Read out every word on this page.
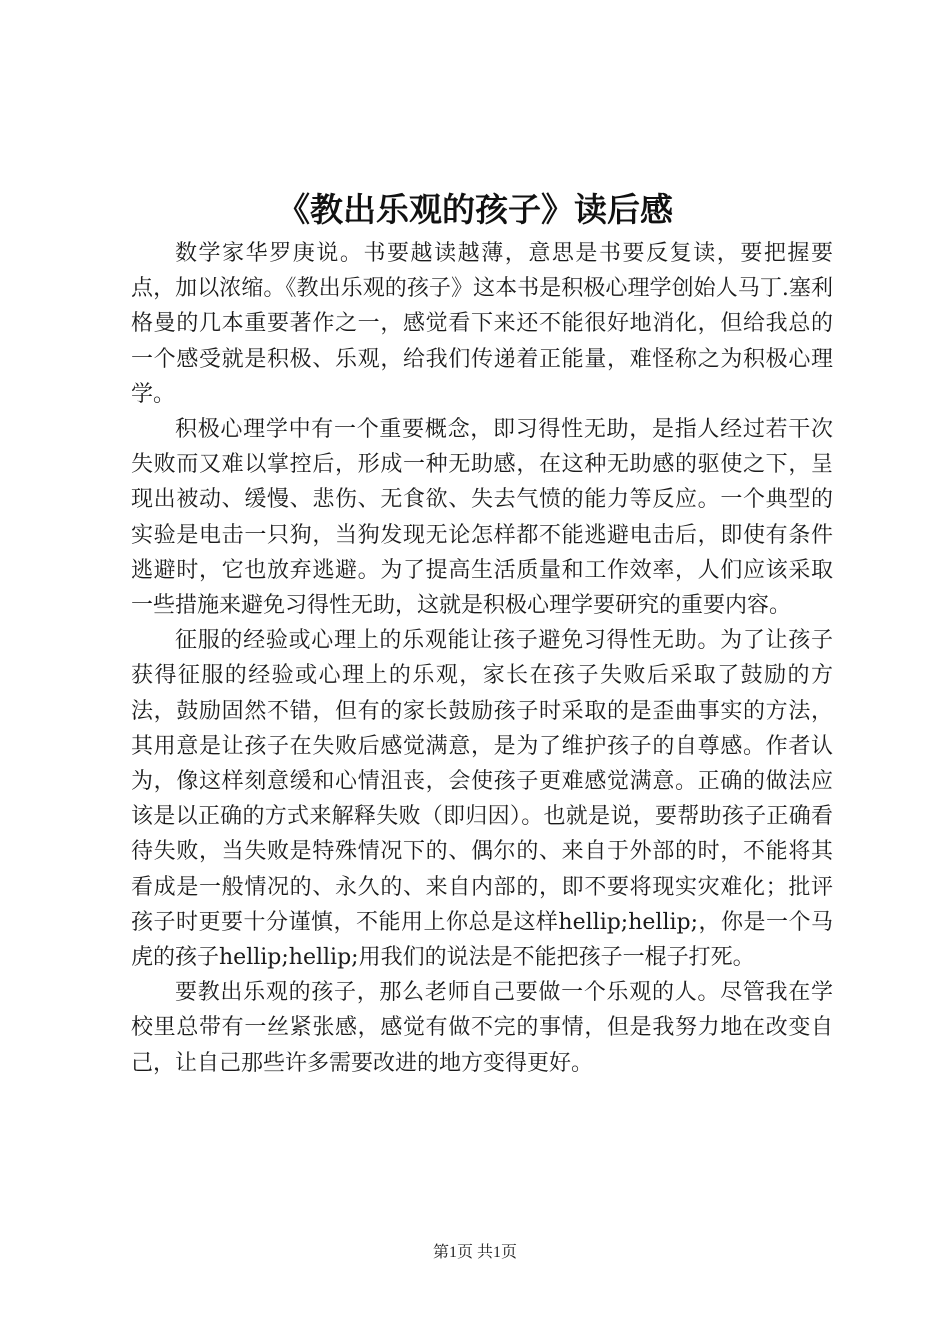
《教出乐观的孩子》读后感

数学家华罗庚说。书要越读越薄，意思是书要反复读，要把握要点，加以浓缩。《教出乐观的孩子》这本书是积极心理学创始人马丁.塞利格曼的几本重要著作之一，感觉看下来还不能很好地消化，但给我总的一个感受就是积极、乐观，给我们传递着正能量，难怪称之为积极心理学。

积极心理学中有一个重要概念，即习得性无助，是指人经过若干次失败而又难以掌控后，形成一种无助感，在这种无助感的驱使之下，呈现出被动、缓慢、悲伤、无食欲、失去气愤的能力等反应。一个典型的实验是电击一只狗，当狗发现无论怎样都不能逃避电击后，即使有条件逃避时，它也放弃逃避。为了提高生活质量和工作效率，人们应该采取一些措施来避免习得性无助，这就是积极心理学要研究的重要内容。

征服的经验或心理上的乐观能让孩子避免习得性无助。为了让孩子获得征服的经验或心理上的乐观，家长在孩子失败后采取了鼓励的方法，鼓励固然不错，但有的家长鼓励孩子时采取的是歪曲事实的方法，其用意是让孩子在失败后感觉满意，是为了维护孩子的自尊感。作者认为，像这样刻意缓和心情沮丧，会使孩子更难感觉满意。正确的做法应该是以正确的方式来解释失败（即归因）。也就是说，要帮助孩子正确看待失败，当失败是特殊情况下的、偶尔的、来自于外部的时，不能将其看成是一般情况的、永久的、来自内部的，即不要将现实灾难化；批评孩子时更要十分谨慎，不能用上你总是这样hellip;hellip;，你是一个马虎的孩子hellip;hellip;用我们的说法是不能把孩子一棍子打死。

要教出乐观的孩子，那么老师自己要做一个乐观的人。尽管我在学校里总带有一丝紧张感，感觉有做不完的事情，但是我努力地在改变自己，让自己那些许多需要改进的地方变得更好。

第1页 共1页
